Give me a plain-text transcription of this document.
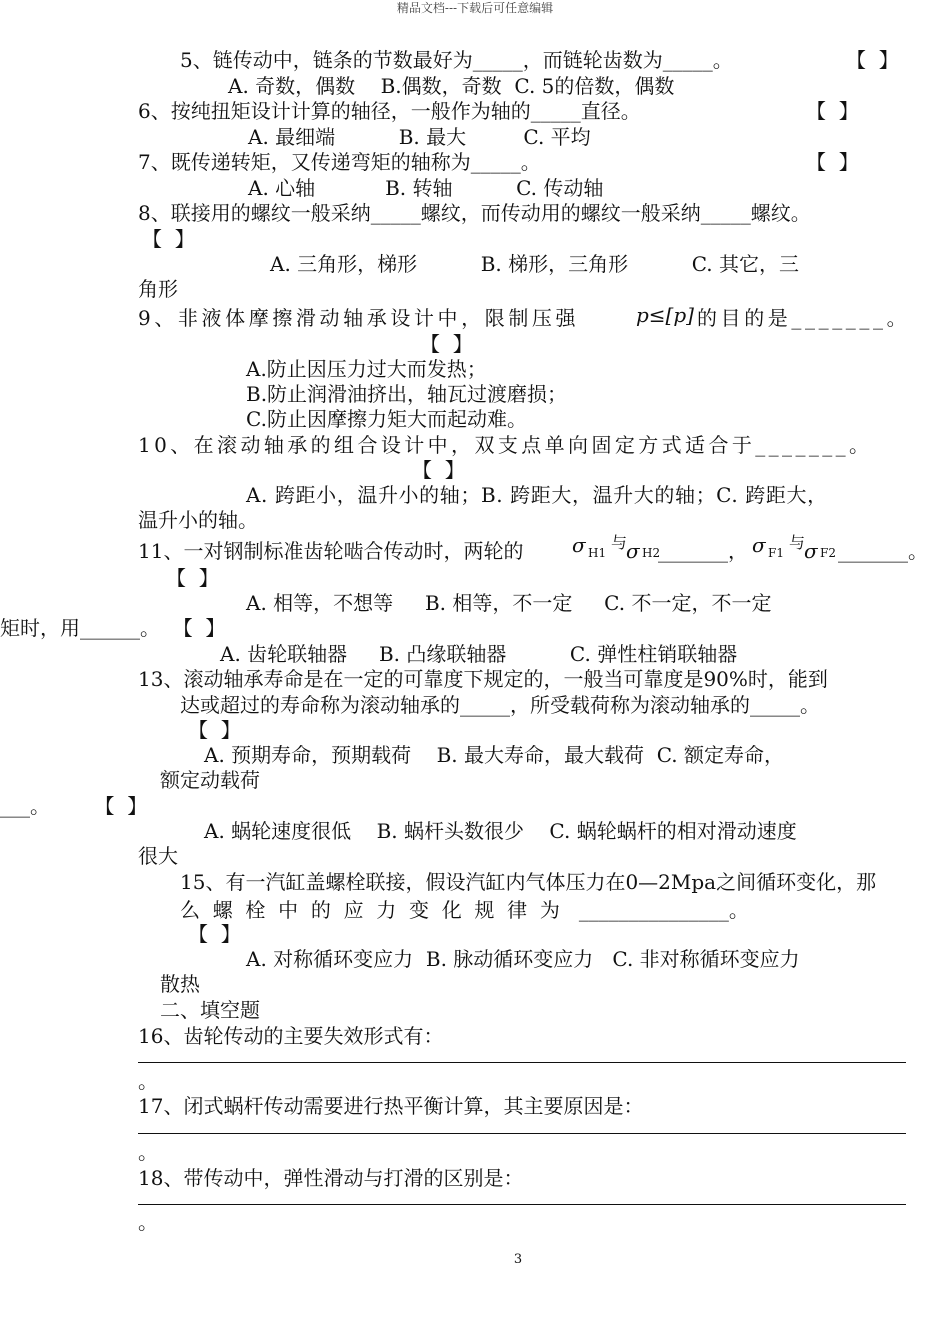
精品文档---下载后可任意编辑
5、链传动中，链条的节数最好为_____，而链轮齿数为_____。	【  】
A. 奇数，偶数    B.偶数，奇数  C. 5的倍数，偶数
6、按纯扭矩设计计算的轴径，一般作为轴的_____直径。	【  】
A. 最细端          B. 最大         C. 平均
7、既传递转矩，又传递弯矩的轴称为_____。	【  】
A. 心轴           B. 转轴          C. 传动轴
8、联接用的螺纹一般采纳_____螺纹，而传动用的螺纹一般采纳_____螺纹。
【  】
A. 三角形，梯形          B. 梯形，三角形          C. 其它，三
角形
9、非液体摩擦滑动轴承设计中，限制压强	p≤[p] 的目的是_______。
【  】
A.防止因压力过大而发热；
B.防止润滑油挤出，轴瓦过渡磨损；
C.防止因摩擦力矩大而起动难。
10、在滚动轴承的组合设计中，双支点单向固定方式适合于_______。
【  】
A. 跨距小，温升小的轴；B. 跨距大，温升大的轴；C. 跨距大，
温升小的轴。
11、一对钢制标准齿轮啮合传动时，两轮的 σ H1
与
σ H2
_______， σ F1
与
σ F2 _______。
【  】
A. 相等，不想等     B. 相等，不一定     C. 不一定，不一定
矩时，用______。  【  】
A. 齿轮联轴器     B. 凸缘联轴器          C. 弹性柱销联轴器
13、滚动轴承寿命是在一定的可靠度下规定的，一般当可靠度是90%时，能到
达或超过的寿命称为滚动轴承的_____，所受载荷称为滚动轴承的_____。
【  】
A. 预期寿命，预期载荷    B. 最大寿命，最大载荷  C. 额定寿命，
额定动载荷
___。       【  】
A. 蜗轮速度很低    B. 蜗杆头数很少    C. 蜗轮蜗杆的相对滑动速度
很大
15、有一汽缸盖螺栓联接，假设汽缸内气体压力在0—2Mpa之间循环变化，那
么  螺  栓  中  的  应  力  变  化  规  律  为   _______________。
【  】
A. 对称循环变应力  B. 脉动循环变应力   C. 非对称循环变应力
散热
二、填空题
16、齿轮传动的主要失效形式有：
。
17、闭式蜗杆传动需要进行热平衡计算，其主要原因是：
。
18、带传动中，弹性滑动与打滑的区别是：
。
3
